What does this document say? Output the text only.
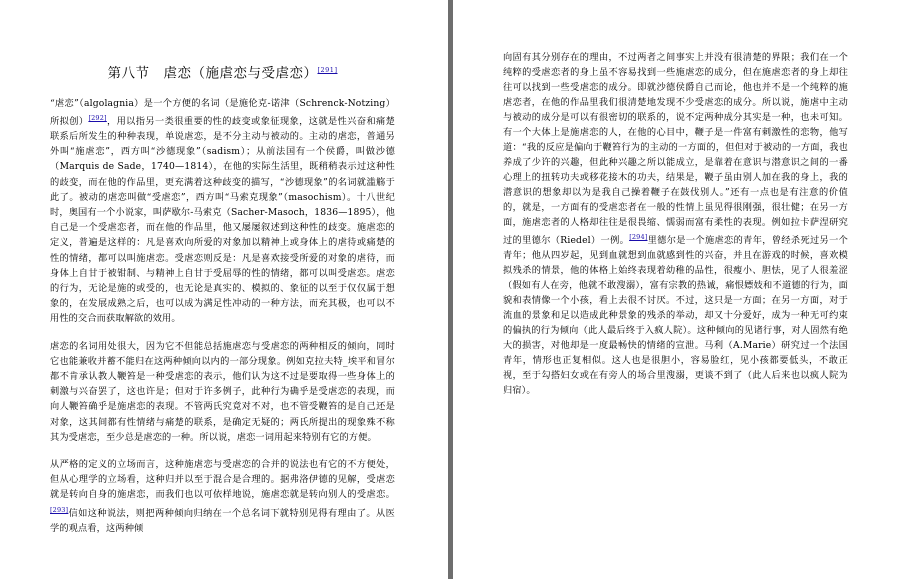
第八节　虐恋（施虐恋与受虐恋）[291]

“虐恋”（algolagnia）是一个方便的名词（是施伦克-诺津（Schrenck-Notzing）所拟创）[292]，用以指另一类很重要的性的歧变或象征现象，这就是性兴奋和痛楚联系后所发生的种种表现，单说虐恋，是不分主动与被动的。主动的虐恋，普通另外叫“施虐恋”，西方叫“沙德现象”（sadism）；从前法国有一个侯爵，叫做沙德（Marquis de Sade，1740—1814），在他的实际生活里，既稍稍表示过这种性的歧变，而在他的作品里，更充满着这种歧变的描写，“沙德现象”的名词就滥觞于此了。被动的虐恋叫做“受虐恋”，西方叫“马索克现象”（masochism）。十八世纪时，奥国有一个小说家，叫萨歇尔-马索克（Sacher-Masoch，1836—1895），他自己是一个受虐恋者，而在他的作品里，他又屡屡叙述到这种性的歧变。施虐恋的定义，普遍是这样的：凡是喜欢向所爱的对象加以精神上或身体上的虐待或痛楚的性的情绪，都可以叫施虐恋。受虐恋则反是：凡是喜欢接受所爱的对象的虐待，而身体上自甘于被钳制、与精神上自甘于受屈辱的性的情绪，都可以叫受虐恋。虐恋的行为，无论是施的或受的，也无论是真实的、模拟的、象征的以至于仅仅属于想象的，在发展成熟之后，也可以成为满足性冲动的一种方法，而充其极，也可以不用性的交合而获取解欲的效用。

虐恋的名词用处很大，因为它不但能总括施虐恋与受虐恋的两种相反的倾向，同时它也能兼收并蓄不能归在这两种倾向以内的一部分现象。例如克拉夫特_埃平和冒尔都不肯承认教人鞭笞是一种受虐恋的表示，他们认为这不过是要取得一些身体上的刺激与兴奋罢了，这也许是；但对于许多例子，此种行为确乎是受虐恋的表现，而向人鞭笞确乎是施虐恋的表现。不管两氏究竟对不对，也不管受鞭笞的是自己还是对象，这其间都有性情绪与痛楚的联系，是确定无疑的；两氏所提出的现象殊不称其为受虐恋，至少总是虐恋的一种。所以说，虐恋一词用起来特别有它的方便。

从严格的定义的立场而言，这种施虐恋与受虐恋的合并的说法也有它的不方便处，但从心理学的立场看，这种归并以至于混合是合理的。据弗洛伊德的见解，受虐恋就是转向自身的施虐恋，而我们也以可依样地说，施虐恋就是转向别人的受虐恋。[293]信如这种说法，则把两种倾向归纳在一个总名词下就特别见得有理由了。从医学的观点看，这两种倾

向固有其分别存在的理由，不过两者之间事实上并没有很清楚的界限；我们在一个纯粹的受虐恋者的身上虽不容易找到一些施虐恋的成分，但在施虐恋者的身上却往往可以找到一些受虐恋的成分。即就沙德侯爵自己而论，他也并不是一个纯粹的施虐恋者，在他的作品里我们很清楚地发现不少受虐恋的成分。所以说，施虐中主动与被动的成分是可以有很密切的联系的，说不定两种成分其实是一种，也未可知。有一个大体上是施虐恋的人，在他的心目中，鞭子是一件富有刺激性的恋物，他写道：“我的反应是偏向于鞭笞行为的主动的一方面的，但但对于被动的一方面，我也养成了少许的兴趣，但此种兴趣之所以能成立，是靠着在意识与潜意识之间的一番心理上的扭转功夫或移花接木的功夫，结果是，鞭子虽由别人加在我的身上，我的潜意识的想象却以为是我自己操着鞭子在鼓伐别人。”还有一点也是有注意的价值的，就是，一方面有的受虐恋者在一般的性情上虽见得很刚强，很壮健；在另一方面，施虐恋者的人格却往往是很畏缩、懦弱而富有柔性的表现。例如拉卡萨涅研究过的里德尔（Riedel）一例。[294]里德尔是一个施虐恋的青年，曾经杀死过另一个青年；他从四岁起，见到血就想到血就感到性的兴奋，并且在游戏的时候，喜欢模拟残杀的情景，他的体格上始终表现着幼稚的品性，很瘦小、胆怯，见了人很羞涩（假如有人在旁，他就不敢溲溺），富有宗教的热诚，痛恨嫖妓和不道德的行为，面貌和表情像一个小孩，看上去很不讨厌。不过，这只是一方面；在另一方面，对于流血的景象和足以造成此种景象的残杀的举动，却又十分爱好，成为一种无可约束的偏执的行为倾向（此人最后终于入疯人院）。这种倾向的见诸行事，对人固然有绝大的损害，对他却是一度最畅快的情绪的宣泄。马利（A.Marie）研究过一个法国青年，情形也正复相似。这人也是很胆小，容易脸红，见小孩都要低头，不敢正视，至于勾搭妇女或在有旁人的场合里溲溺，更谈不到了（此人后来也以疯人院为归宿）。
